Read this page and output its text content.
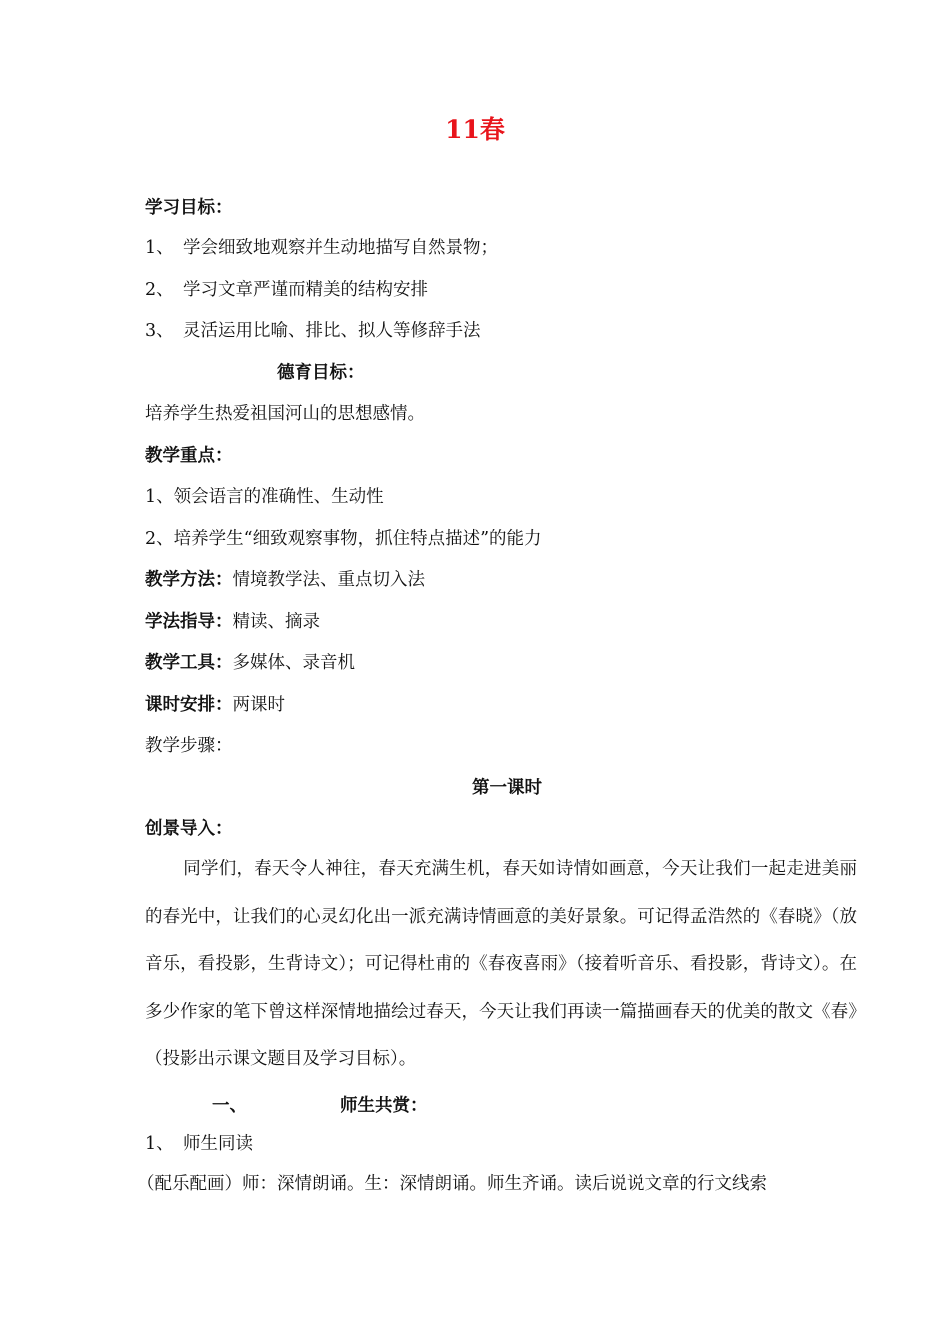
11春
学习目标：
1、 学会细致地观察并生动地描写自然景物；
2、 学习文章严谨而精美的结构安排
3、 灵活运用比喻、排比、拟人等修辞手法
德育目标：
培养学生热爱祖国河山的思想感情。
教学重点：
1、领会语言的准确性、生动性
2、培养学生“细致观察事物，抓住特点描述”的能力
教学方法：情境教学法、重点切入法
学法指导：精读、摘录
教学工具：多媒体、录音机
课时安排：两课时
教学步骤：
第一课时
创景导入：
同学们，春天令人神往，春天充满生机，春天如诗情如画意，今天让我们一起走进美丽的春光中，让我们的心灵幻化出一派充满诗情画意的美好景象。可记得孟浩然的《春晓》（放音乐，看投影，生背诗文）；可记得杜甫的《春夜喜雨》（接着听音乐、看投影，背诗文）。在多少作家的笔下曾这样深情地描绘过春天，今天让我们再读一篇描画春天的优美的散文《春》（投影出示课文题目及学习目标）。
一、	师生共赏：
1、 师生同读
（配乐配画）师：深情朗诵。生：深情朗诵。师生齐诵。读后说说文章的行文线索
